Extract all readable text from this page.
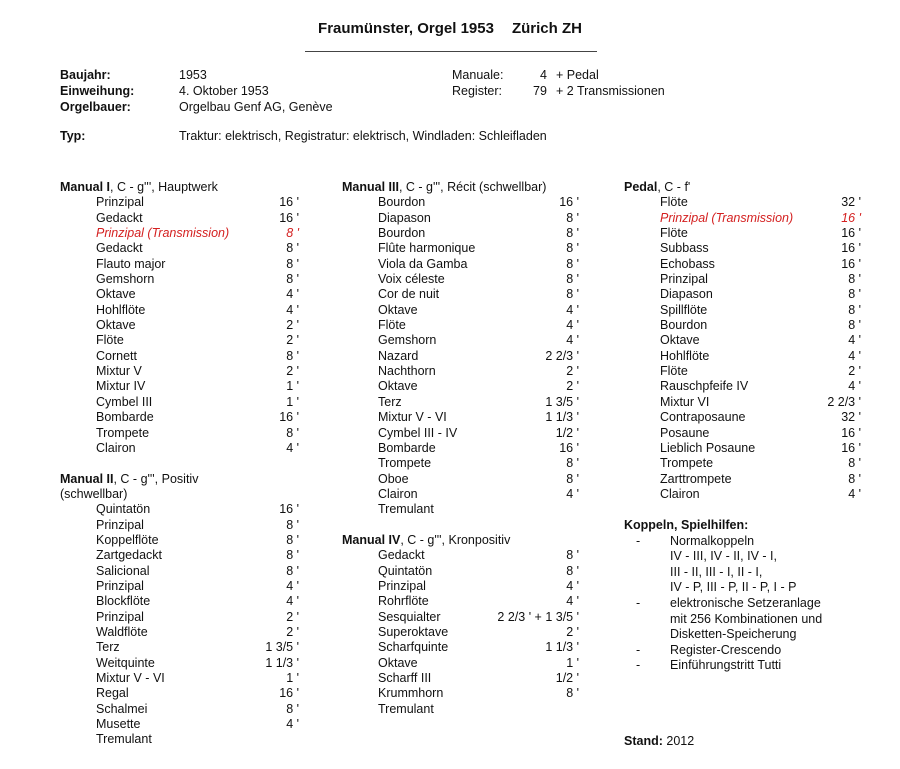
Fraumünster, Orgel 1953 Zürich ZH
Baujahr:	1953
Einweihung:	4. Oktober 1953
Orgelbauer:	Orgelbau Genf AG, Genève
Manuale:	4 + Pedal
Register: 79 + 2 Transmissionen
Typ:	Traktur: elektrisch, Registratur: elektrisch, Windladen: Schleifladen
Manual I, C - g''', Hauptwerk
Prinzipal	16 '
Gedackt	16 '
Prinzipal (Transmission)	8 '
Gedackt	8 '
Flauto major	8 '
Gemshorn	8 '
Oktave	4 '
Hohlflöte	4 '
Oktave	2 '
Flöte	2 '
Cornett	8 '
Mixtur V	2 '
Mixtur IV	1 '
Cymbel III	1 '
Bombarde	16 '
Trompete	8 '
Clairon	4 '
Manual II, C - g''', Positiv
(schwellbar)
Quintatön	16 '
Prinzipal	8 '
Koppelflöte	8 '
Zartgedackt	8 '
Salicional	8 '
Prinzipal	4 '
Blockflöte	4 '
Prinzipal	2 '
Waldflöte	2 '
Terz	1 3/5 '
Weitquinte	1 1/3 '
Mixtur V - VI	1 '
Regal	16 '
Schalmei	8 '
Musette	4 '
Tremulant
Manual III, C - g''', Récit (schwellbar)
Bourdon	16 '
Diapason	8 '
Bourdon	8 '
Flûte harmonique	8 '
Viola da Gamba	8 '
Voix céleste	8 '
Cor de nuit	8 '
Oktave	4 '
Flöte	4 '
Gemshorn	4 '
Nazard	2 2/3 '
Nachthorn	2 '
Oktave	2 '
Terz	1 3/5 '
Mixtur V - VI	1 1/3 '
Cymbel III - IV	1/2 '
Bombarde	16 '
Trompete	8 '
Oboe	8 '
Clairon	4 '
Tremulant
Manual IV, C - g''', Kronpositiv
Gedackt	8 '
Quintatön	8 '
Prinzipal	4 '
Rohrflöte	4 '
Sesquialter	2 2/3 ' + 1 3/5 '
Superoktave	2 '
Scharfquinte	1 1/3 '
Oktave	1 '
Scharff III	1/2 '
Krummhorn	8 '
Tremulant
Pedal, C - f'
Flöte	32 '
Prinzipal (Transmission)	16 '
Flöte	16 '
Subbass	16 '
Echobass	16 '
Prinzipal	8 '
Diapason	8 '
Spillflöte	8 '
Bourdon	8 '
Oktave	4 '
Hohlflöte	4 '
Flöte	2 '
Rauschpfeife IV	4 '
Mixtur VI	2 2/3 '
Contraposaune	32 '
Posaune	16 '
Lieblich Posaune	16 '
Trompete	8 '
Zarttrompete	8 '
Clairon	4 '
Koppeln, Spielhilfen:
- Normalkoppeln
IV - III, IV - II, IV - I,
III - II, III - I, II - I,
IV - P, III - P, II - P, I - P
- elektronische Setzeranlage
mit 256 Kombinationen und
Disketten-Speicherung
- Register-Crescendo
- Einführungstritt Tutti
Stand: 2012
